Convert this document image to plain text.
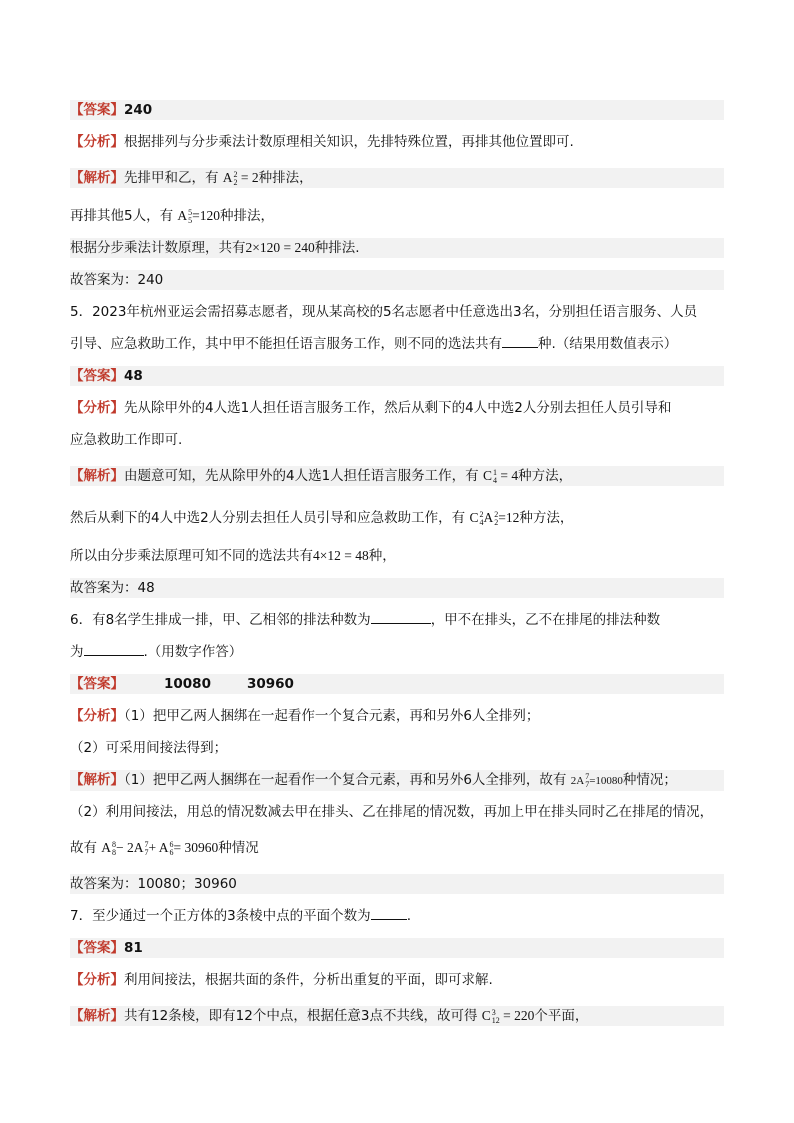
【答案】240
【分析】根据排列与分步乘法计数原理相关知识，先排特殊位置，再排其他位置即可.
【解析】先排甲和乙，有 A 2
2 = 2种排法，
再排其他5人，有 A 5
5 =120种排法，
根据分步乘法计数原理，共有2×120 = 240种排法.
故答案为：240
5．2023年杭州亚运会需招募志愿者，现从某高校的5名志愿者中任意选出3名，分别担任语言服务、人员
引导、应急救助工作，其中甲不能担任语言服务工作，则不同的选法共有	种.（结果用数值表示）
【答案】48
【分析】先从除甲外的4人选1人担任语言服务工作，然后从剩下的4人中选2人分别去担任人员引导和
应急救助工作即可.
【解析】由题意可知，先从除甲外的4人选1人担任语言服务工作，有 C 1
4 = 4种方法，
然后从剩下的4人中选2人分别去担任人员引导和应急救助工作，有 C 2
4 A 2
2 =12种方法，
所以由分步乘法原理可知不同的选法共有4×12 = 48种，
故答案为：48
6．有8名学生排成一排，甲、乙相邻的排法种数为	，甲不在排头，乙不在排尾的排法种数
为	.（用数字作答）
【答案】	10080	30960
【分析】（1）把甲乙两人捆绑在一起看作一个复合元素，再和另外6人全排列；
（2）可采用间接法得到；
【解析】（1）把甲乙两人捆绑在一起看作一个复合元素，再和另外6人全排列，故有 2A 7
7 =10080种情况；
（2）利用间接法，用总的情况数减去甲在排头、乙在排尾的情况数，再加上甲在排头同时乙在排尾的情况，
故有 A 8
8 − 2A 7
7 + A 6
6 = 30960种情况
故答案为：10080；30960
7．至少通过一个正方体的3条棱中点的平面个数为	.
【答案】81
【分析】利用间接法，根据共面的条件，分析出重复的平面，即可求解.
【解析】共有12条棱，即有12个中点，根据任意3点不共线，故可得 C 3
12 = 220个平面，
